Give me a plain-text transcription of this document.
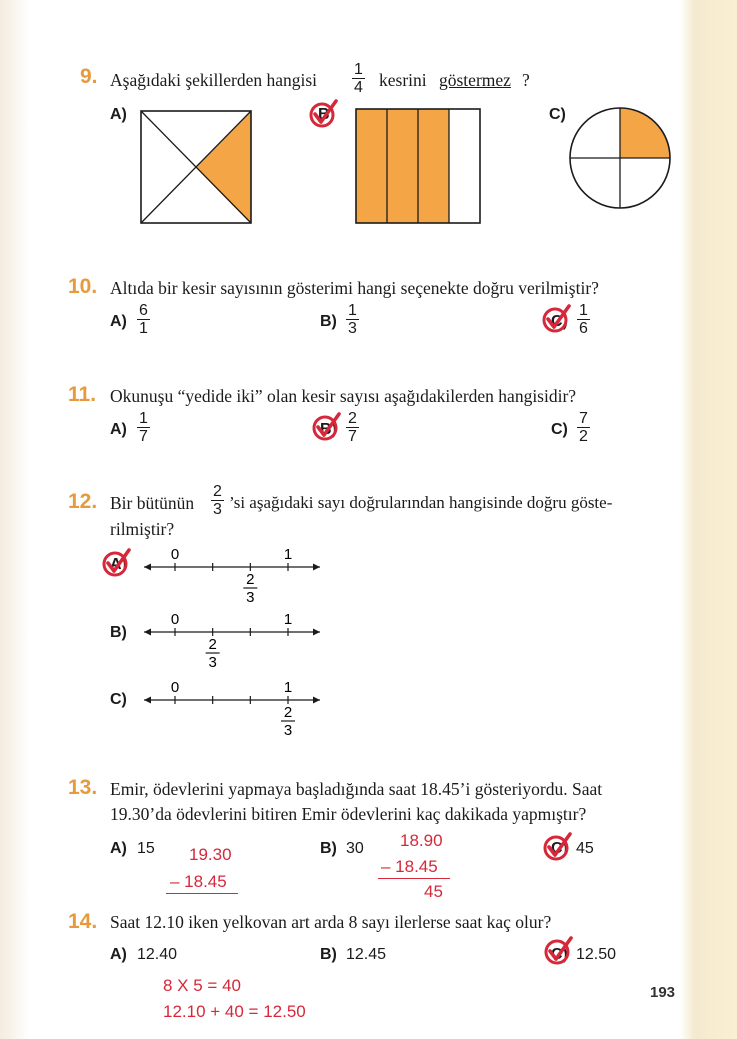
9. Aşağıdaki şekillerden hangisi
1
4 kesrini göstermez ?
A)	B)	C)
10. Altıda bir kesir sayısının gösterimi hangi seçenekte doğru verilmiştir?
A)
6
1	B)
1
3	C)
1
6
11. Okunuşu “yedide iki” olan kesir sayısı aşağıdakilerden hangisidir?
A)
1
7	B)
2
7	C)
7
2
12. Bir bütünün
2
3 ’si aşağıdaki sayı doğrularından hangisinde doğru göste-
rilmiştir?
A)
0	1
2
3
B)
0	1
2
3
C)
0	1
2
3
13. Emir, ödevlerini yapmaya başladığında saat 18.45’i gösteriyordu. Saat
19.30’da ödevlerini bitiren Emir ödevlerini kaç dakikada yapmıştır?
A) 15 19.30
– 18.45
B) 30 18.90
– 18.45
45
C) 45
14. Saat 12.10 iken yelkovan art arda 8 sayı ilerlerse saat kaç olur?
A) 12.40	B) 12.45	C) 12.50
8 X 5 = 40
12.10 + 40 = 12.50
193
